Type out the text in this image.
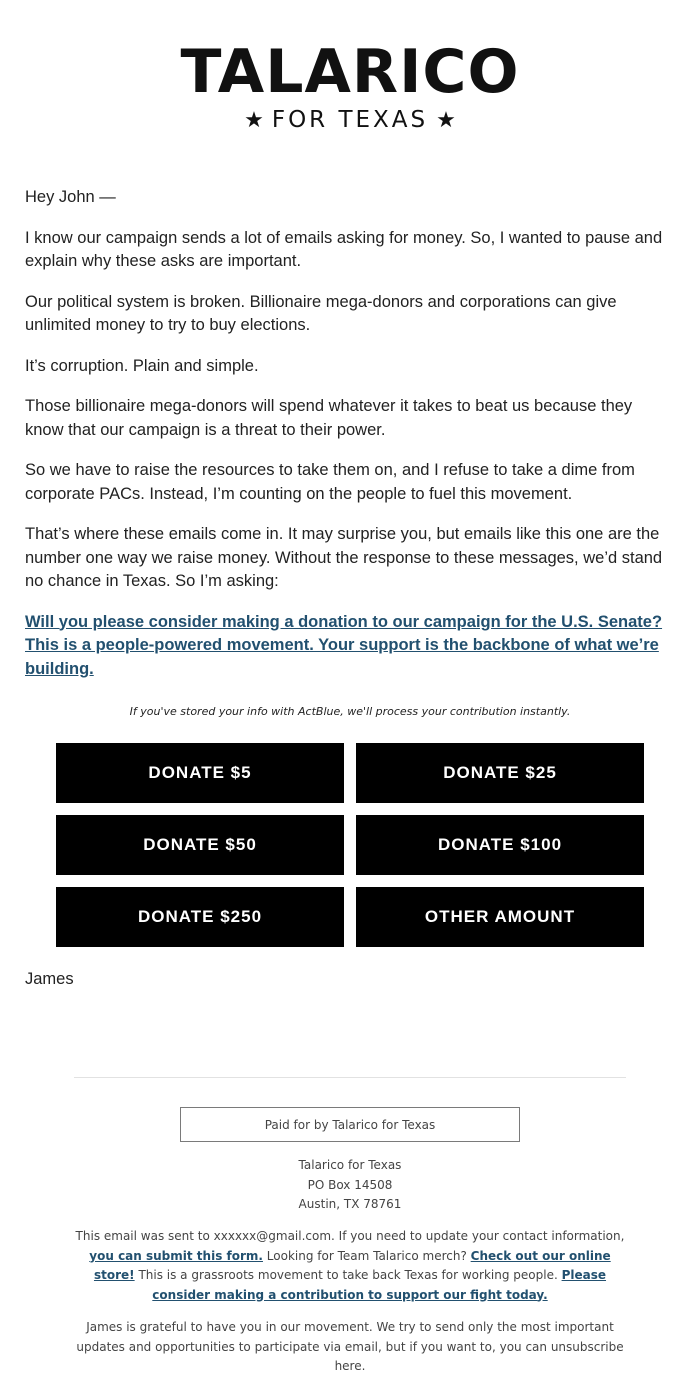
TALARICO
★ FOR TEXAS ★

Hey John —

I know our campaign sends a lot of emails asking for money. So, I wanted to pause and explain why these asks are important.

Our political system is broken. Billionaire mega-donors and corporations can give unlimited money to try to buy elections.

It’s corruption. Plain and simple.

Those billionaire mega-donors will spend whatever it takes to beat us because they know that our campaign is a threat to their power.

So we have to raise the resources to take them on, and I refuse to take a dime from corporate PACs. Instead, I’m counting on the people to fuel this movement.

That’s where these emails come in. It may surprise you, but emails like this one are the number one way we raise money. Without the response to these messages, we’d stand no chance in Texas. So I’m asking:

Will you please consider making a donation to our campaign for the U.S. Senate? This is a people-powered movement. Your support is the backbone of what we’re building.
If you've stored your info with ActBlue, we'll process your contribution instantly.
DONATE $5	DONATE $25
DONATE $50	DONATE $100
DONATE $250	OTHER AMOUNT
James
Paid for by Talarico for Texas
Talarico for Texas
PO Box 14508
Austin, TX 78761
This email was sent to xxxxxx@gmail.com. If you need to update your contact information, you can submit this form. Looking for Team Talarico merch? Check out our online store! This is a grassroots movement to take back Texas for working people. Please consider making a contribution to support our fight today.
James is grateful to have you in our movement. We try to send only the most important updates and opportunities to participate via email, but if you want to, you can unsubscribe here.
